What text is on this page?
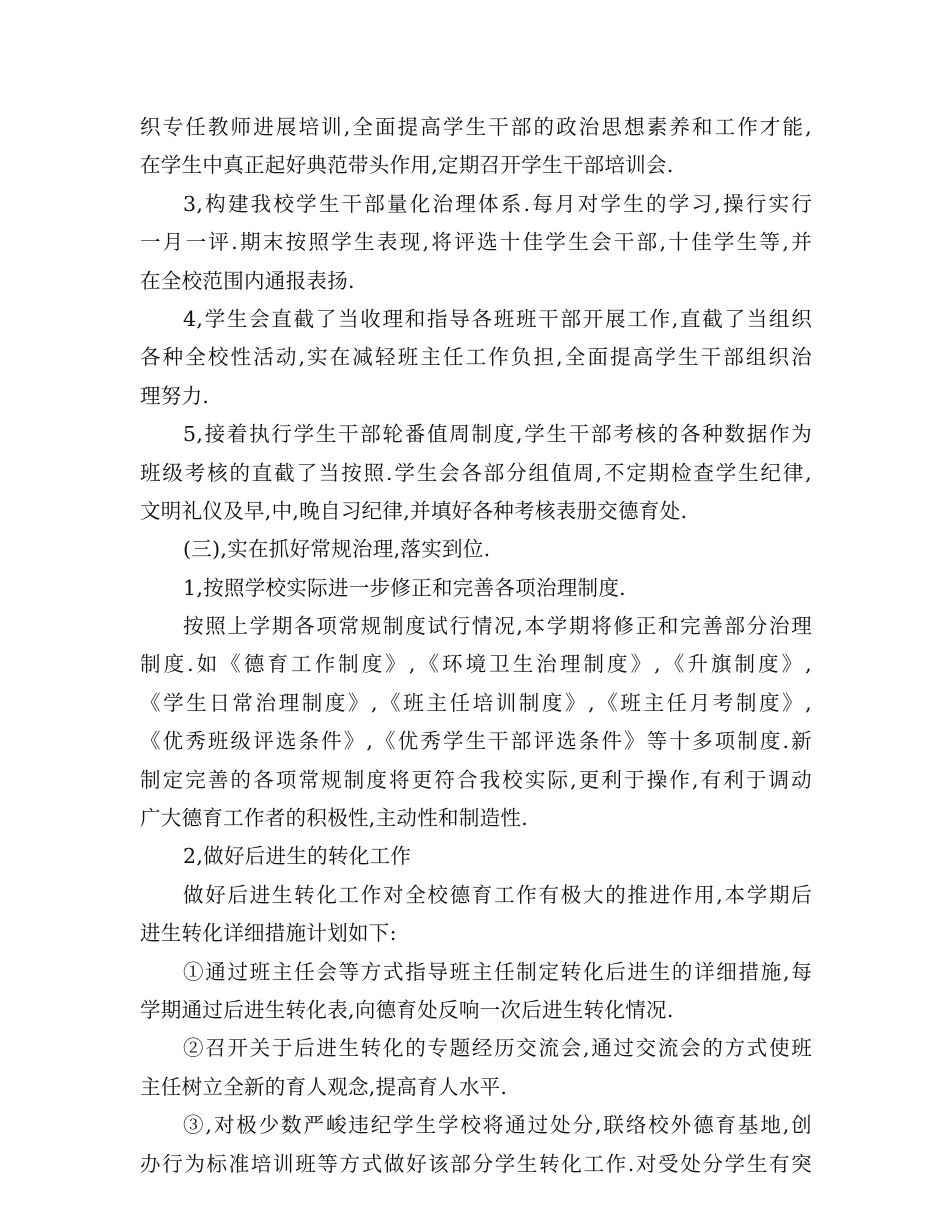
织专任教师进展培训,全面提高学生干部的政治思想素养和工作才能,
在学生中真正起好典范带头作用,定期召开学生干部培训会.
3,构建我校学生干部量化治理体系.每月对学生的学习,操行实行
一月一评.期末按照学生表现,将评选十佳学生会干部,十佳学生等,并
在全校范围内通报表扬.
4,学生会直截了当收理和指导各班班干部开展工作,直截了当组织
各种全校性活动,实在减轻班主任工作负担,全面提高学生干部组织治
理努力.
5,接着执行学生干部轮番值周制度,学生干部考核的各种数据作为
班级考核的直截了当按照.学生会各部分组值周,不定期检查学生纪律,
文明礼仪及早,中,晚自习纪律,并填好各种考核表册交德育处.
(三),实在抓好常规治理,落实到位.
1,按照学校实际进一步修正和完善各项治理制度.
按照上学期各项常规制度试行情况,本学期将修正和完善部分治理
制度.如《德育工作制度》,《环境卫生治理制度》,《升旗制度》,
《学生日常治理制度》,《班主任培训制度》,《班主任月考制度》,
《优秀班级评选条件》,《优秀学生干部评选条件》等十多项制度.新
制定完善的各项常规制度将更符合我校实际,更利于操作,有利于调动
广大德育工作者的积极性,主动性和制造性.
2,做好后进生的转化工作
做好后进生转化工作对全校德育工作有极大的推进作用,本学期后
进生转化详细措施计划如下:
①通过班主任会等方式指导班主任制定转化后进生的详细措施,每
学期通过后进生转化表,向德育处反响一次后进生转化情况.
②召开关于后进生转化的专题经历交流会,通过交流会的方式使班
主任树立全新的育人观念,提高育人水平.
③,对极少数严峻违纪学生学校将通过处分,联络校外德育基地,创
办行为标准培训班等方式做好该部分学生转化工作.对受处分学生有突
